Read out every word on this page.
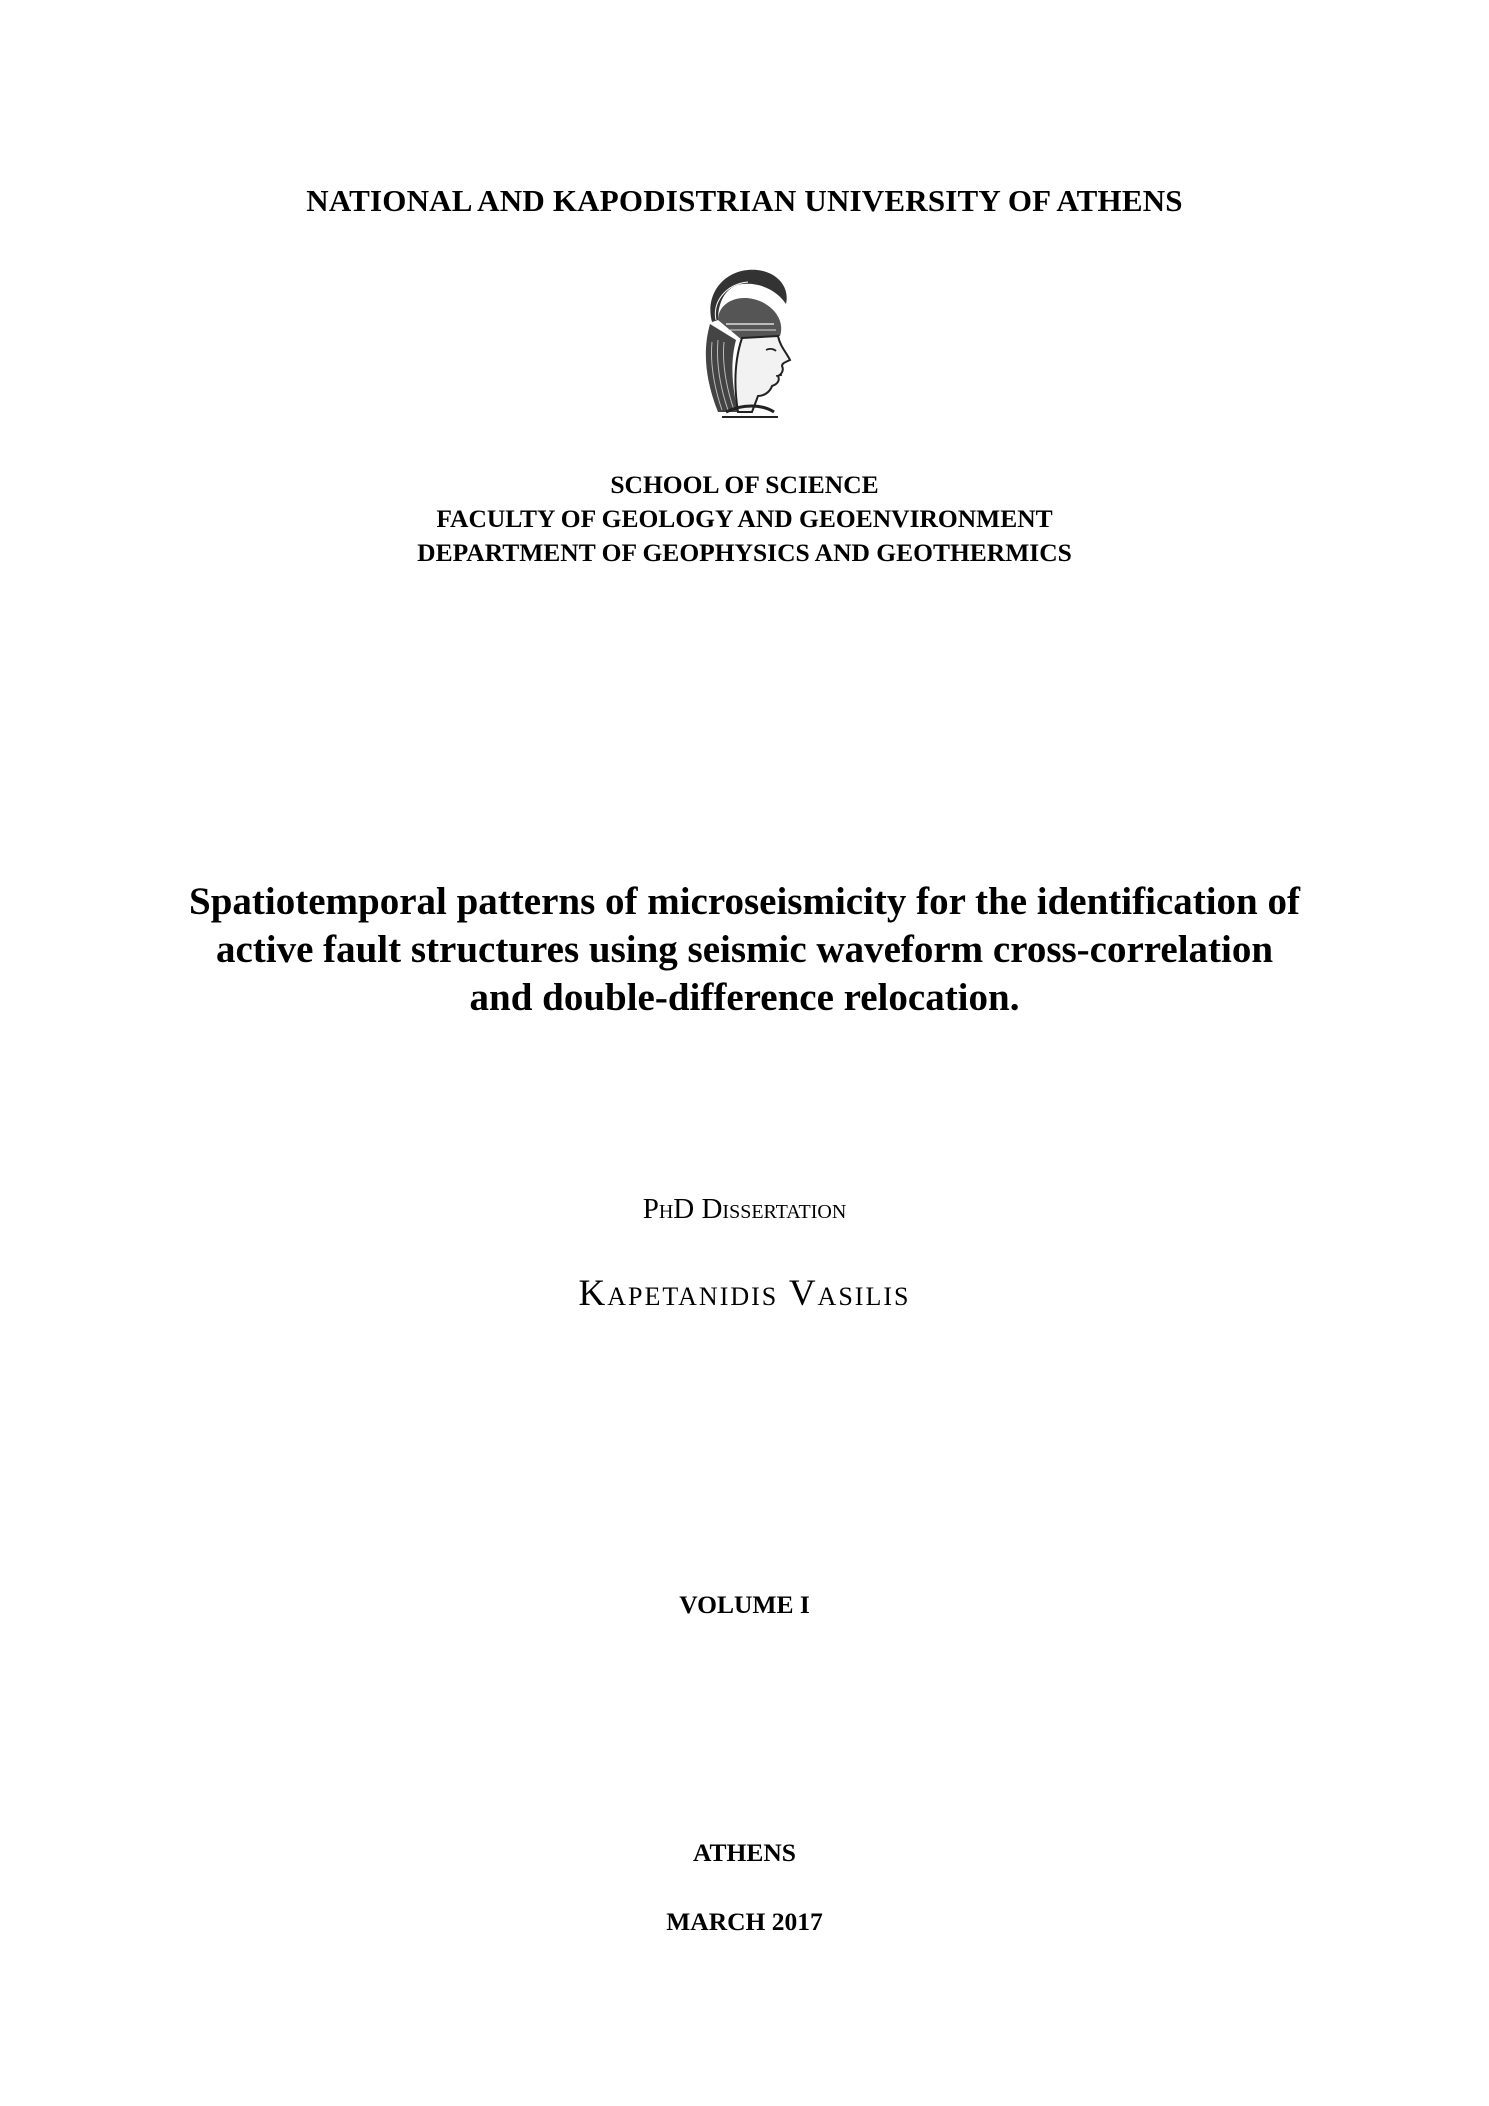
NATIONAL AND KAPODISTRIAN UNIVERSITY OF ATHENS
SCHOOL OF SCIENCE
FACULTY OF GEOLOGY AND GEOENVIRONMENT
DEPARTMENT OF GEOPHYSICS AND GEOTHERMICS
Spatiotemporal patterns of microseismicity for the identification of
active fault structures using seismic waveform cross-correlation
and double-difference relocation.
PhD Dissertation
Kapetanidis Vasilis
VOLUME I
ATHENS
MARCH 2017
